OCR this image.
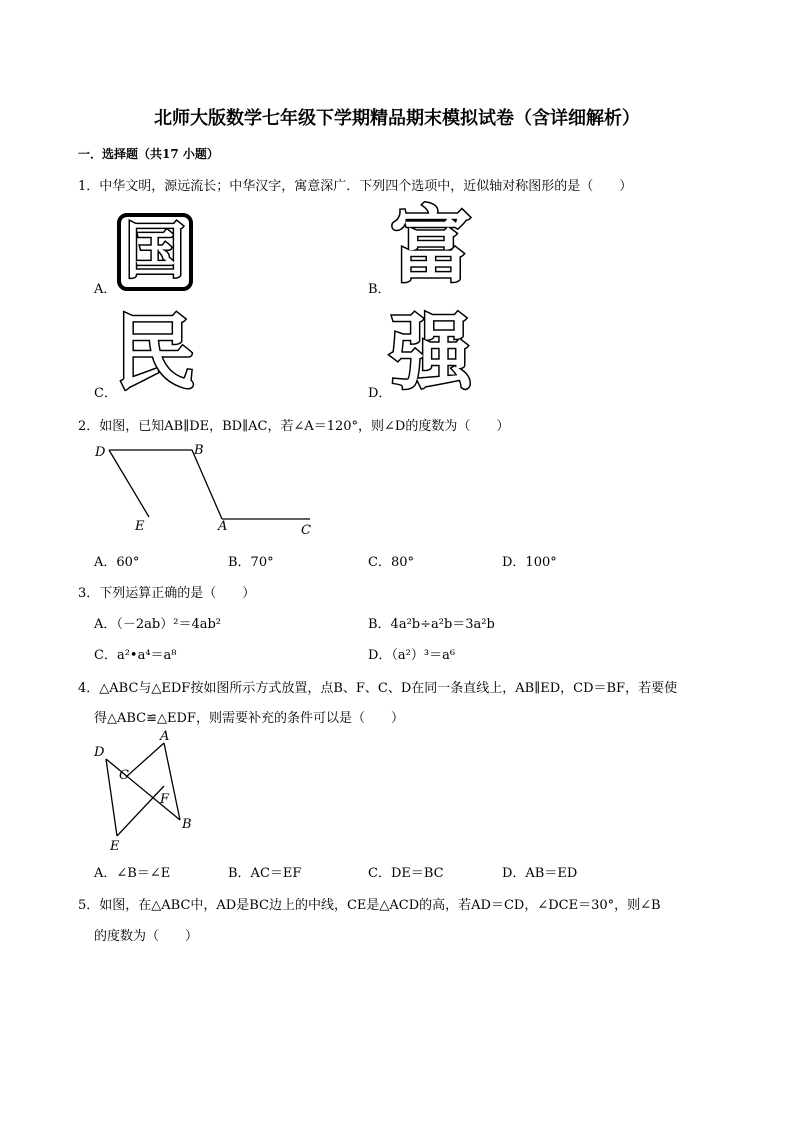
北师大版数学七年级下学期精品期末模拟试卷（含详细解析）
一．选择题（共17 小题）
1．中华文明，源远流长；中华汉字，寓意深广．下列四个选项中，近似轴对称图形的是（　　）
A．
国
B． 富
C．
民	D．
强
2．如图，已知AB∥DE，BD∥AC，若∠A＝120°，则∠D的度数为（　　）
D	B
E	A	C
A．60°	B．70°	C．80°	D．100°
3．下列运算正确的是（　　）
A．（－2ab）²＝4ab²	B．4a²b÷a²b＝3a²b
C．a²•a⁴＝a⁸	D．（a²）³＝a⁶
4．△ABC与△EDF按如图所示方式放置，点B、F、C、D在同一条直线上，AB∥ED，CD＝BF，若要使
得△ABC≌△EDF，则需要补充的条件可以是（　　）
D
A
C
F
B
E
A．∠B＝∠E	B．AC＝EF	C．DE＝BC	D．AB＝ED
5．如图，在△ABC中，AD是BC边上的中线，CE是△ACD的高，若AD＝CD，∠DCE＝30°，则∠B
的度数为（　　）
